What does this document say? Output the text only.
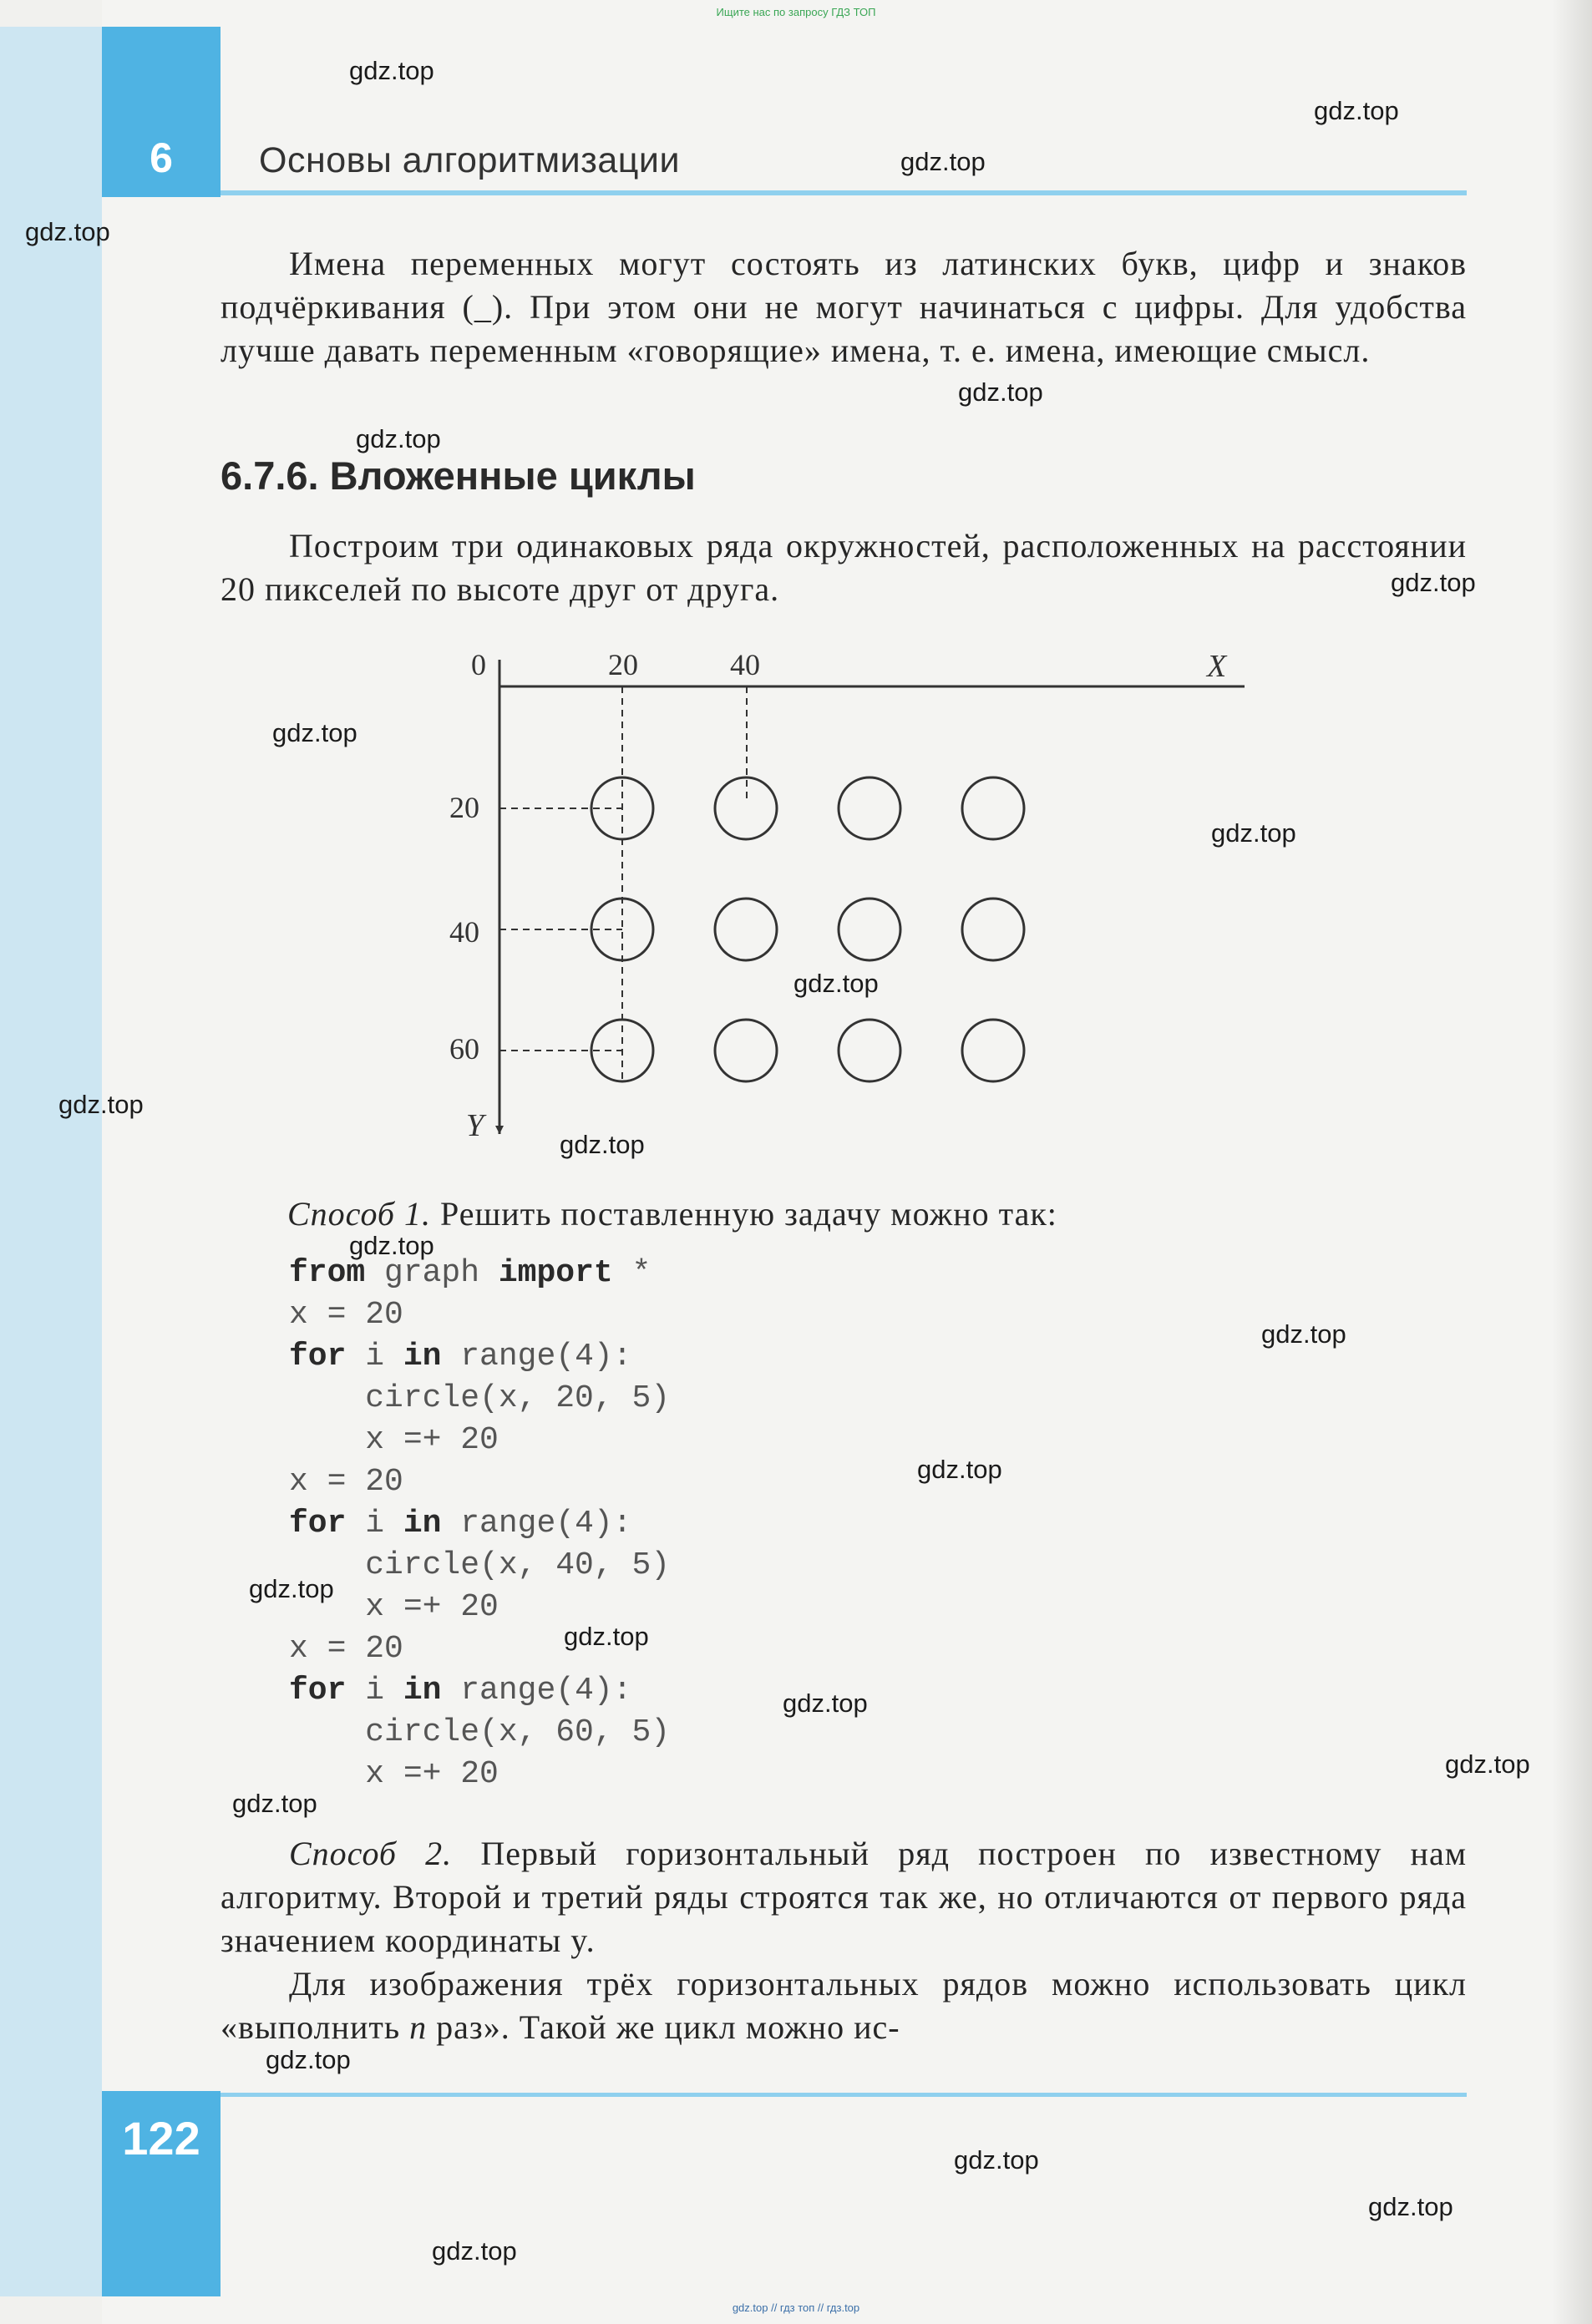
Ищите нас по запросу ГДЗ ТОП
6	Основы алгоритмизации
Имена переменных могут состоять из латинских букв, цифр и знаков подчёркивания (_). При этом они не могут начинаться с цифры. Для удобства лучше давать переменным «говорящие» имена, т. е. имена, имеющие смысл.
6.7.6. Вложенные циклы
Построим три одинаковых ряда окружностей, расположенных на расстоянии 20 пикселей по высоте друг от друга.
X
Y
0	20	40
20
40
60
Способ 1. Решить поставленную задачу можно так:
from graph import *
x = 20
for i in range(4):
circle(x, 20, 5)
x =+ 20
x = 20
for i in range(4):
circle(x, 40, 5)
x =+ 20
x = 20
for i in range(4):
circle(x, 60, 5)
x =+ 20
Способ 2. Первый горизонтальный ряд построен по известному нам алгоритму. Второй и третий ряды строятся так же, но отличаются от первого ряда значением координаты y.
Для изображения трёх горизонтальных рядов можно использовать цикл «выполнить n раз». Такой же цикл можно ис-
122
gdz.top
gdz.top
gdz.top
gdz.top
gdz.top
gdz.top
gdz.top
gdz.top
gdz.top
gdz.top
gdz.top
gdz.top
gdz.top
gdz.top
gdz.top
gdz.top
gdz.top
gdz.top
gdz.top
gdz.top
gdz.top
gdz.top
gdz.top
gdz.top
gdz.top // гдз топ // гдз.top
